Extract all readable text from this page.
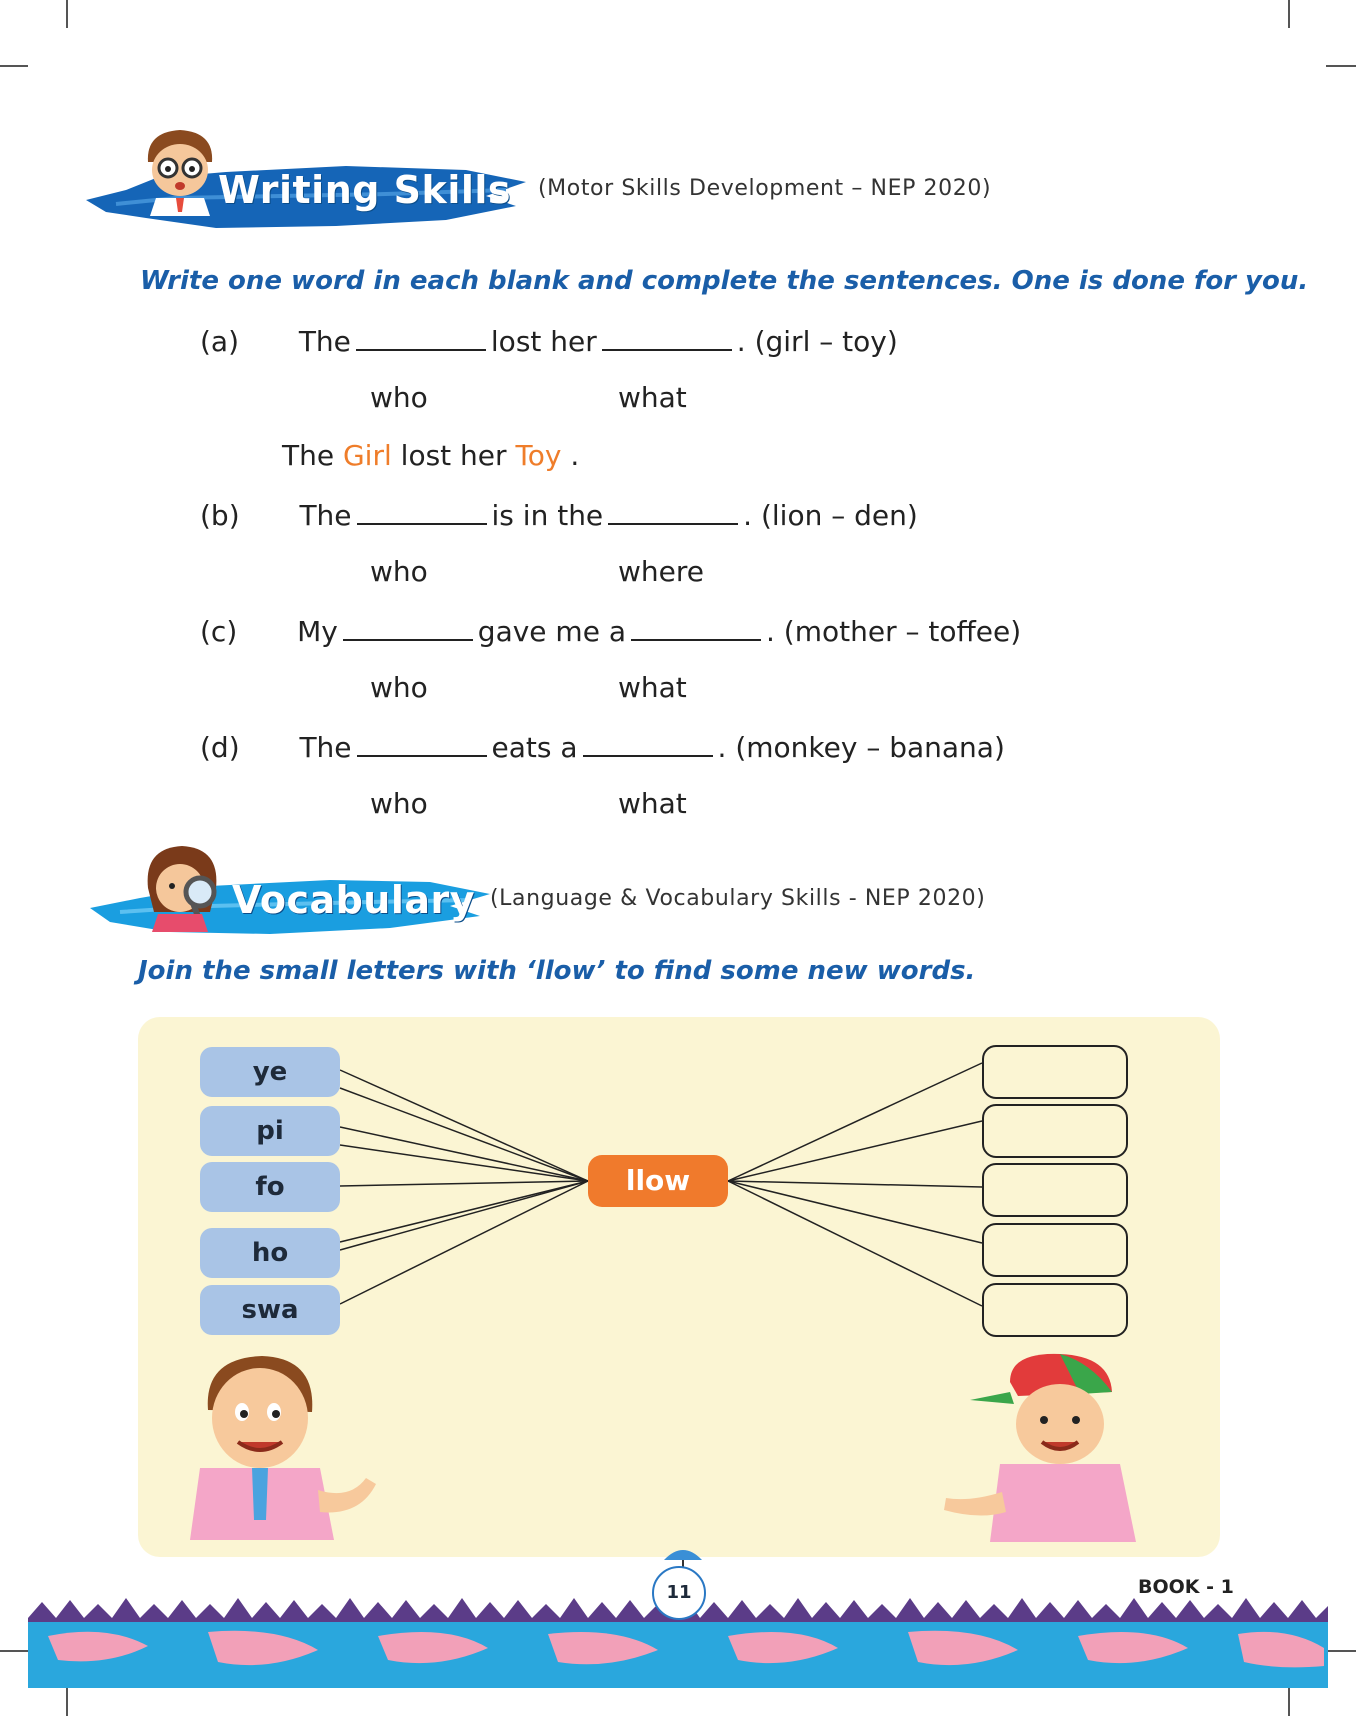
Writing Skills (Motor Skills Development – NEP 2020)
Write one word in each blank and complete the sentences. One is done for you.
(a) The	lost her	. (girl – toy)
who	what
The Girl lost her Toy .
(b) The	is in the	. (lion – den)
who	where
(c) My	gave me a	. (mother – toffee)
who	what
(d) The	eats a	. (monkey – banana)
who	what
Vocabulary (Language & Vocabulary Skills - NEP 2020)
Join the small letters with ‘llow’ to find some new words.
ye
pi
fo
ho
swa
llow
11	BOOK - 1
